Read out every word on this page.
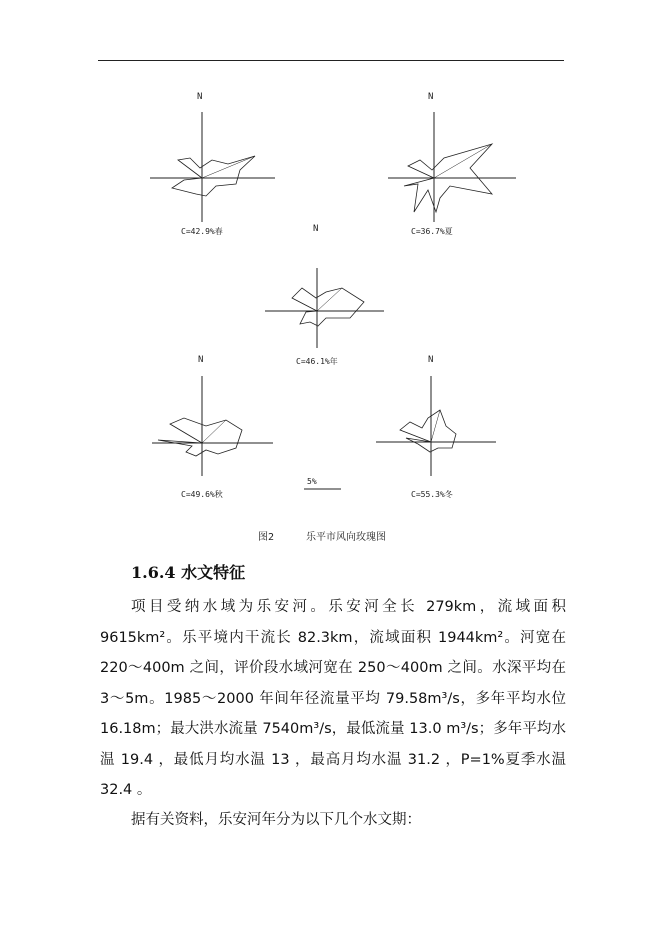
N
C=42.9%春
N
C=36.7%夏
N
C=46.1%年
N
C=49.6%秋
N
C=55.3%冬
5%
图2	乐平市风向玫瑰图
1.6.4 水文特征
项目受纳水域为乐安河。乐安河全长 279km，流域面积 9615km²。乐平境内干流长 82.3km，流域面积 1944km²。河宽在 220～400m 之间，评价段水域河宽在 250～400m 之间。水深平均在 3～5m。1985～2000 年间年径流量平均 79.58m³/s，多年平均水位 16.18m；最大洪水流量 7540m³/s，最低流量 13.0 m³/s；多年平均水温 19.4 ，最低月均水温 13 ，最高月均水温 31.2 ，P=1%夏季水温 32.4 。
据有关资料，乐安河年分为以下几个水文期：
